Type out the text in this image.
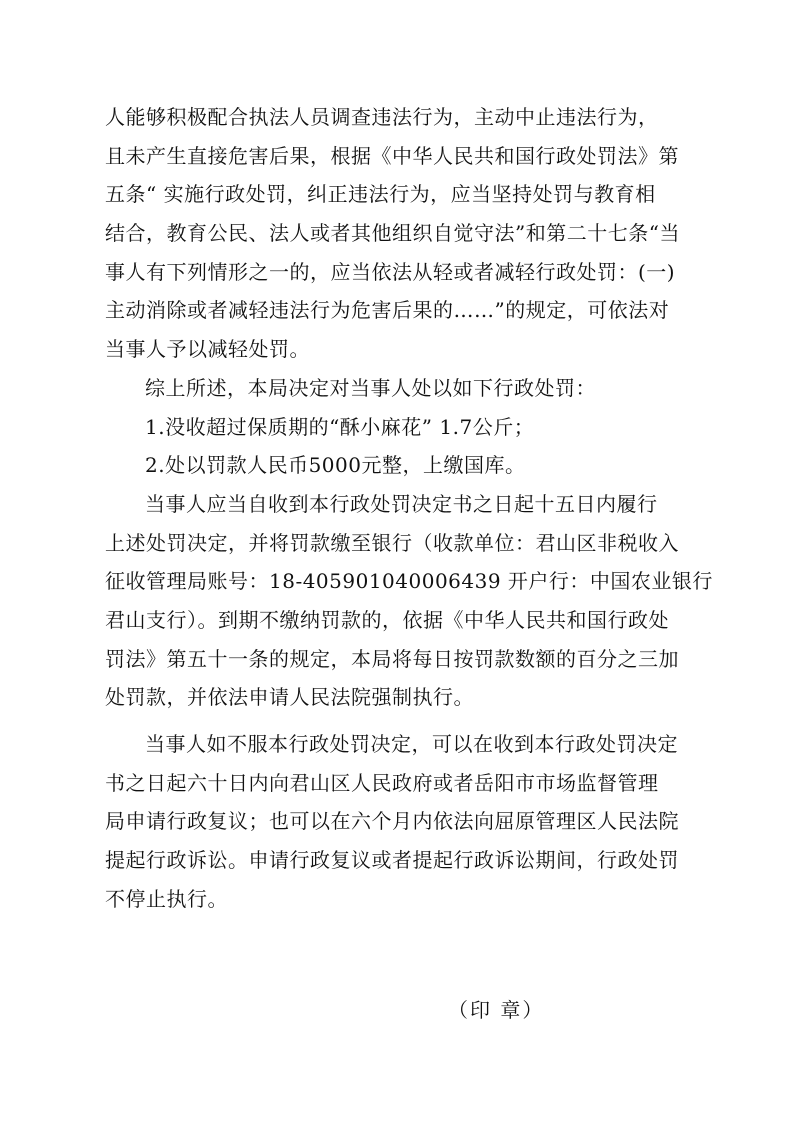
人能够积极配合执法人员调查违法行为，主动中止违法行为，
且未产生直接危害后果，根据《中华人民共和国行政处罚法》第
五条“ 实施行政处罚，纠正违法行为，应当坚持处罚与教育相
结合，教育公民、法人或者其他组织自觉守法”和第二十七条“当
事人有下列情形之一的，应当依法从轻或者减轻行政处罚：(一)
主动消除或者减轻违法行为危害后果的……”的规定，可依法对
当事人予以减轻处罚。
综上所述，本局决定对当事人处以如下行政处罚：
1.没收超过保质期的“酥小麻花” 1.7公斤；
2.处以罚款人民币5000元整，上缴国库。
当事人应当自收到本行政处罚决定书之日起十五日内履行
上述处罚决定，并将罚款缴至银行（收款单位：君山区非税收入
征收管理局账号：18-405901040006439 开户行：中国农业银行
君山支行）。到期不缴纳罚款的，依据《中华人民共和国行政处
罚法》第五十一条的规定，本局将每日按罚款数额的百分之三加
处罚款，并依法申请人民法院强制执行。
当事人如不服本行政处罚决定，可以在收到本行政处罚决定
书之日起六十日内向君山区人民政府或者岳阳市市场监督管理
局申请行政复议；也可以在六个月内依法向屈原管理区人民法院
提起行政诉讼。申请行政复议或者提起行政诉讼期间，行政处罚
不停止执行。
（印 章）
